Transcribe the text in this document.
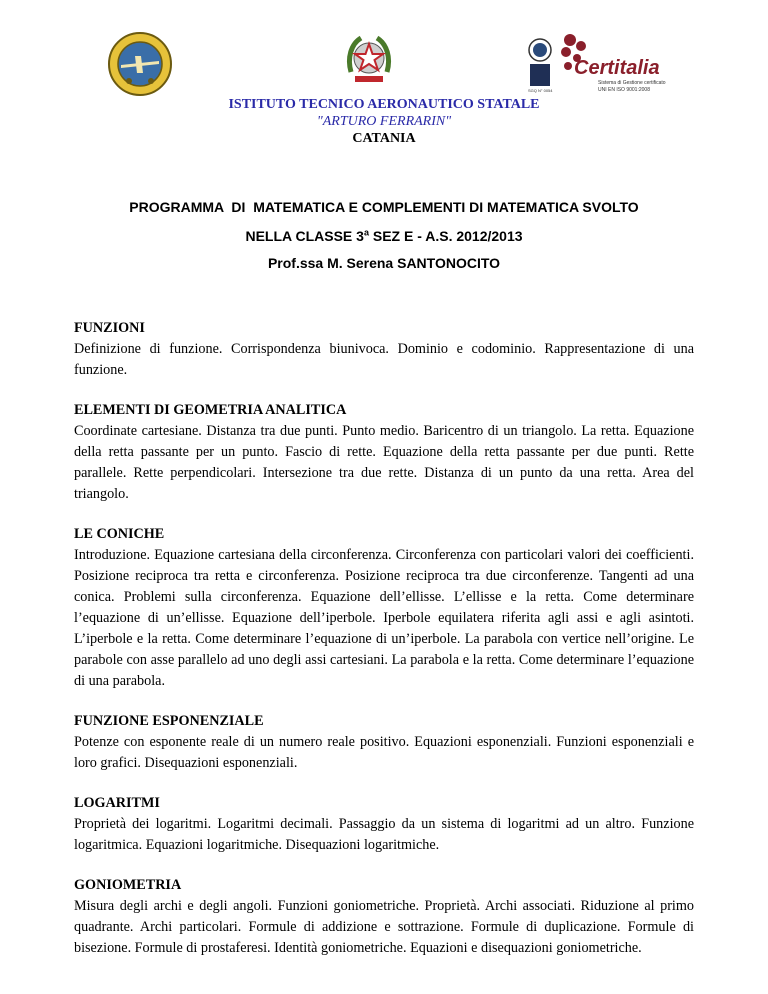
Certitalia
Sistema di Gestione certificato
UNI EN ISO 9001:2008
SGQ N° 0054
ISTITUTO TECNICO AERONAUTICO STATALE
"ARTURO FERRARIN"
CATANIA
PROGRAMMA  DI  MATEMATICA E COMPLEMENTI DI MATEMATICA SVOLTO
NELLA CLASSE 3$^a$ SEZ E - A.S. 2012/2013
Prof.ssa M. Serena SANTONOCITO
FUNZIONI
Definizione di funzione. Corrispondenza biunivoca. Dominio e codominio. Rappresentazione di una funzione.
ELEMENTI DI GEOMETRIA ANALITICA
Coordinate cartesiane. Distanza tra due punti. Punto medio. Baricentro di un triangolo. La retta. Equazione della retta passante per un punto. Fascio di rette. Equazione della retta passante per due punti. Rette parallele. Rette perpendicolari. Intersezione tra due rette. Distanza di un punto da una retta. Area del triangolo.
LE CONICHE
Introduzione. Equazione cartesiana della circonferenza. Circonferenza con particolari valori dei coefficienti. Posizione reciproca tra retta e circonferenza. Posizione reciproca tra due circonferenze. Tangenti ad una conica. Problemi sulla circonferenza. Equazione dell’ellisse. L’ellisse e la retta. Come determinare l’equazione di un’ellisse. Equazione dell’iperbole. Iperbole equilatera riferita agli assi e agli asintoti. L’iperbole e la retta. Come determinare l’equazione di un’iperbole. La parabola con vertice nell’origine. Le parabole con asse parallelo ad uno degli assi cartesiani. La parabola e la retta. Come determinare l’equazione di una parabola.
FUNZIONE ESPONENZIALE
Potenze con esponente reale di un numero reale positivo. Equazioni esponenziali. Funzioni esponenziali e loro grafici. Disequazioni esponenziali.
LOGARITMI
Proprietà dei logaritmi. Logaritmi decimali. Passaggio da un sistema di logaritmi ad un altro. Funzione logaritmica. Equazioni logaritmiche. Disequazioni logaritmiche.
GONIOMETRIA
Misura degli archi e degli angoli. Funzioni goniometriche. Proprietà. Archi associati. Riduzione al primo quadrante. Archi particolari. Formule di addizione e sottrazione. Formule di duplicazione. Formule di bisezione. Formule di prostaferesi. Identità goniometriche. Equazioni e disequazioni goniometriche.
